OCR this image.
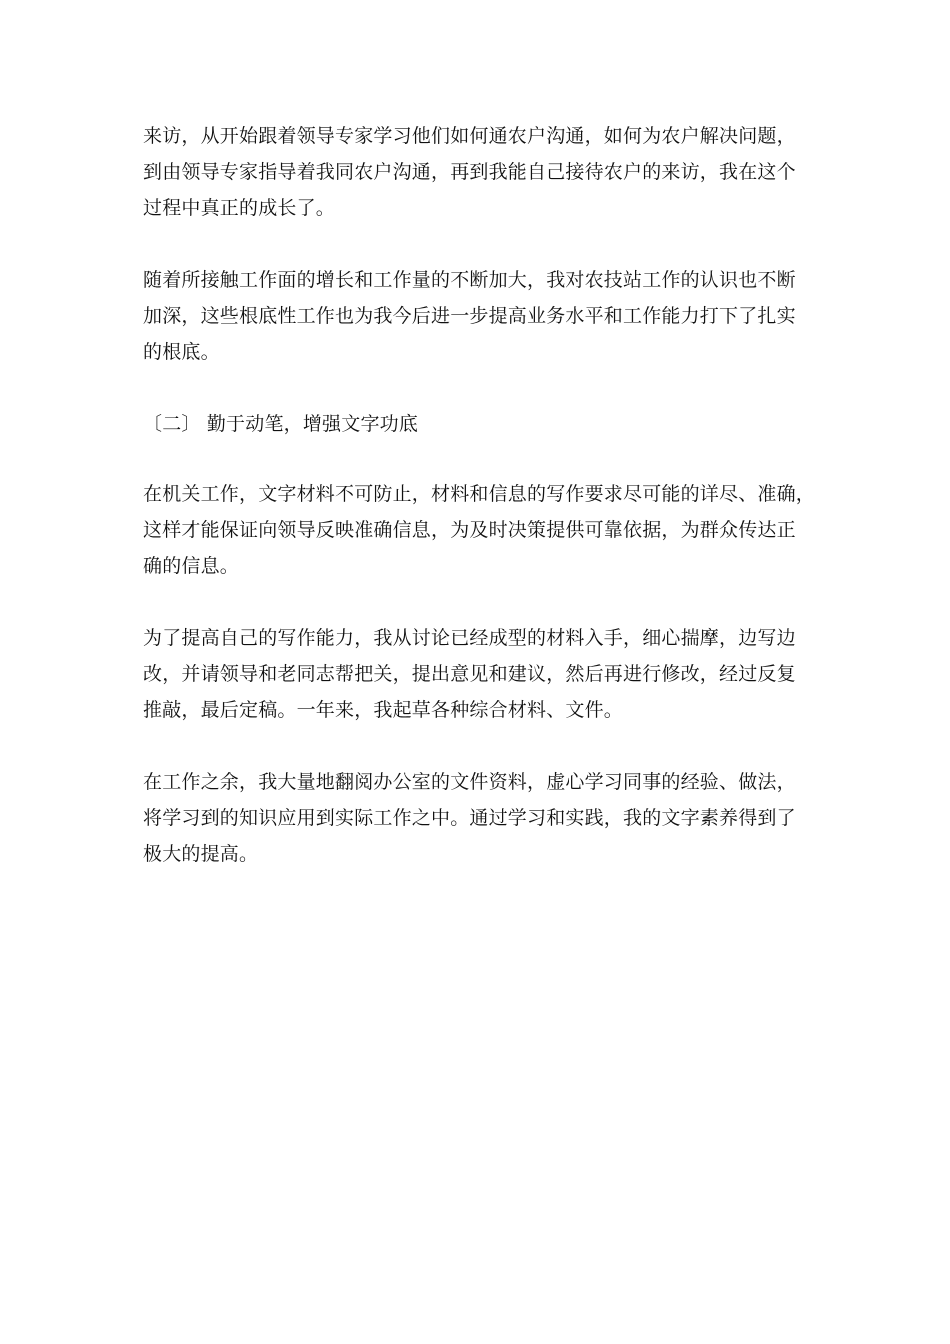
来访，从开始跟着领导专家学习他们如何通农户沟通，如何为农户解决问题，
到由领导专家指导着我同农户沟通，再到我能自己接待农户的来访，我在这个
过程中真正的成长了。
随着所接触工作面的增长和工作量的不断加大，我对农技站工作的认识也不断
加深，这些根底性工作也为我今后进一步提高业务水平和工作能力打下了扎实
的根底。
〔二〕 勤于动笔，增强文字功底
在机关工作，文字材料不可防止，材料和信息的写作要求尽可能的详尽、准确，
这样才能保证向领导反映准确信息，为及时决策提供可靠依据，为群众传达正
确的信息。
为了提高自己的写作能力，我从讨论已经成型的材料入手，细心揣摩，边写边
改，并请领导和老同志帮把关，提出意见和建议，然后再进行修改，经过反复
推敲，最后定稿。一年来，我起草各种综合材料、文件。
在工作之余，我大量地翻阅办公室的文件资料，虚心学习同事的经验、做法，
将学习到的知识应用到实际工作之中。通过学习和实践，我的文字素养得到了
极大的提高。
